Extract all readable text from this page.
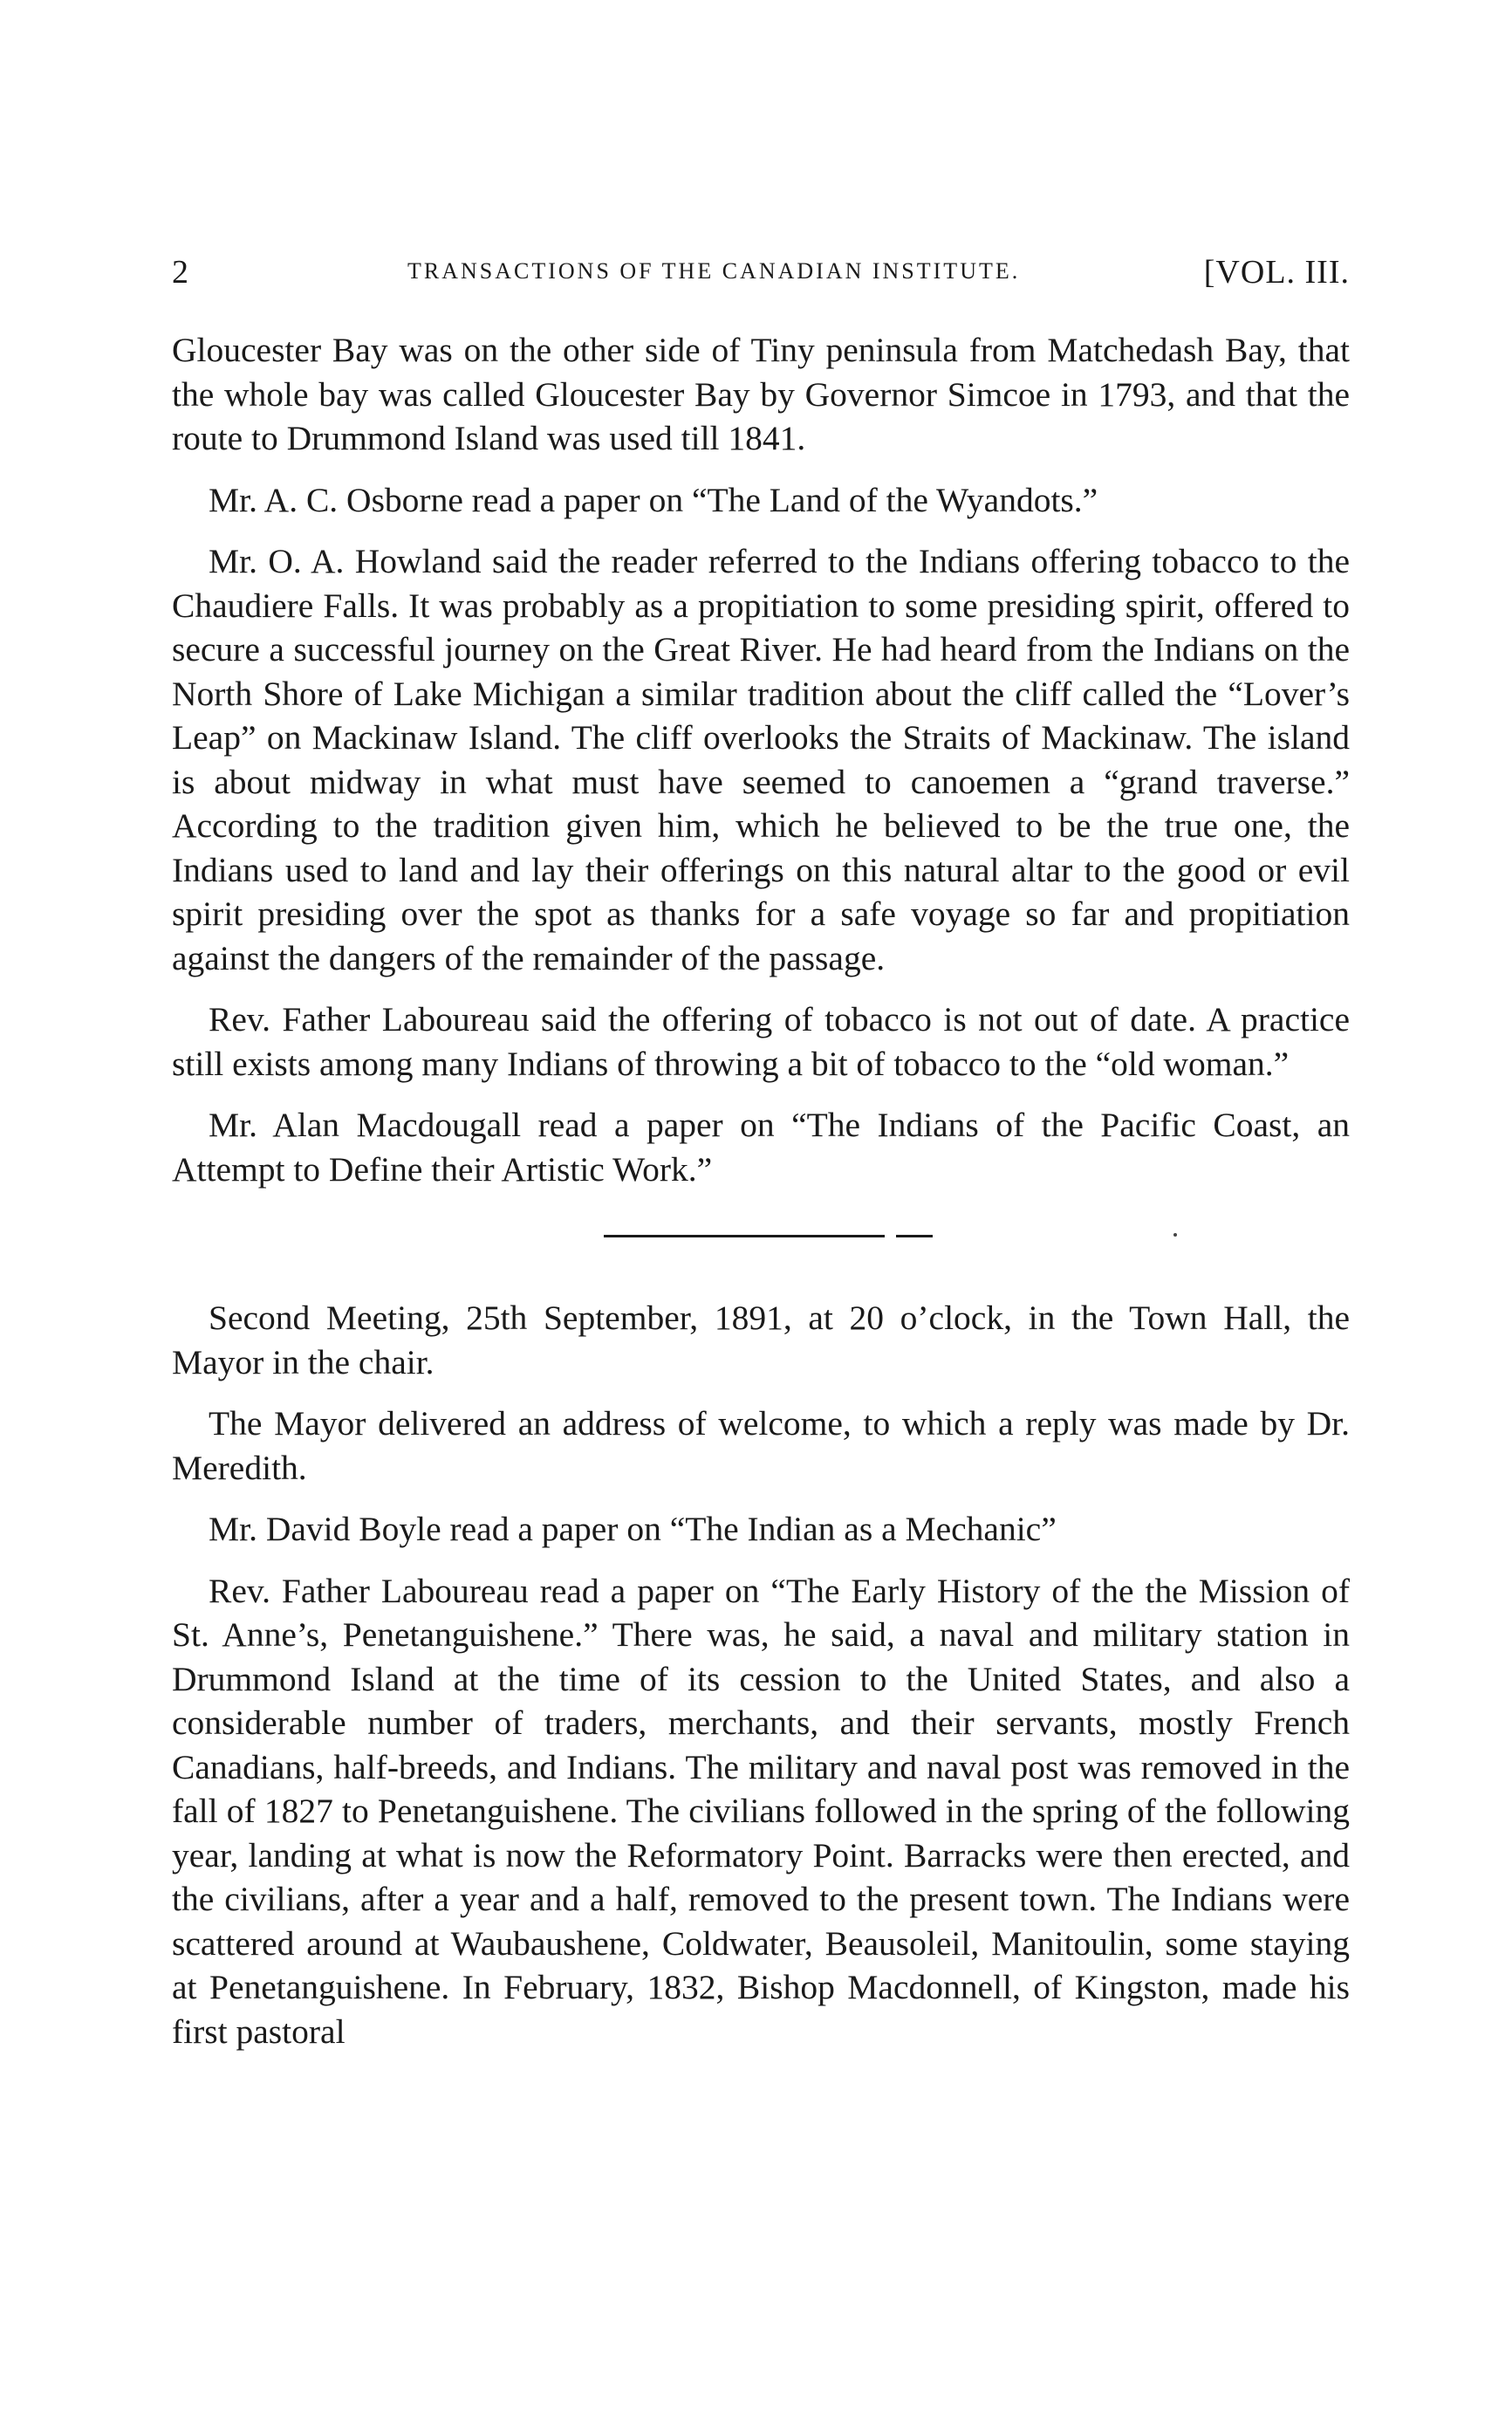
2	TRANSACTIONS OF THE CANADIAN INSTITUTE.	[VOL. III.

Gloucester Bay was on the other side of Tiny peninsula from Matchedash Bay, that the whole bay was called Gloucester Bay by Governor Simcoe in 1793, and that the route to Drummond Island was used till 1841.

Mr. A. C. Osborne read a paper on “The Land of the Wyandots.”

Mr. O. A. Howland said the reader referred to the Indians offering tobacco to the Chaudiere Falls. It was probably as a propitiation to some presiding spirit, offered to secure a successful journey on the Great River. He had heard from the Indians on the North Shore of Lake Michigan a similar tradition about the cliff called the “Lover’s Leap” on Mackinaw Island. The cliff overlooks the Straits of Mackinaw. The island is about midway in what must have seemed to canoemen a “grand traverse.” According to the tradition given him, which he believed to be the true one, the Indians used to land and lay their offerings on this natural altar to the good or evil spirit presiding over the spot as thanks for a safe voyage so far and propitiation against the dangers of the remainder of the passage.

Rev. Father Laboureau said the offering of tobacco is not out of date. A practice still exists among many Indians of throwing a bit of tobacco to the “old woman.”

Mr. Alan Macdougall read a paper on “The Indians of the Pacific Coast, an Attempt to Define their Artistic Work.”

Second Meeting, 25th September, 1891, at 20 o’clock, in the Town Hall, the Mayor in the chair.

The Mayor delivered an address of welcome, to which a reply was made by Dr. Meredith.

Mr. David Boyle read a paper on “The Indian as a Mechanic”

Rev. Father Laboureau read a paper on “The Early History of the the Mission of St. Anne’s, Penetanguishene.” There was, he said, a naval and military station in Drummond Island at the time of its cession to the United States, and also a considerable number of traders, merchants, and their servants, mostly French Canadians, half-breeds, and Indians. The military and naval post was removed in the fall of 1827 to Penetanguishene. The civilians followed in the spring of the following year, landing at what is now the Reformatory Point. Barracks were then erected, and the civilians, after a year and a half, removed to the present town. The Indians were scattered around at Waubaushene, Coldwater, Beausoleil, Manitoulin, some staying at Penetanguishene. In February, 1832, Bishop Macdonnell, of Kingston, made his first pastoral
